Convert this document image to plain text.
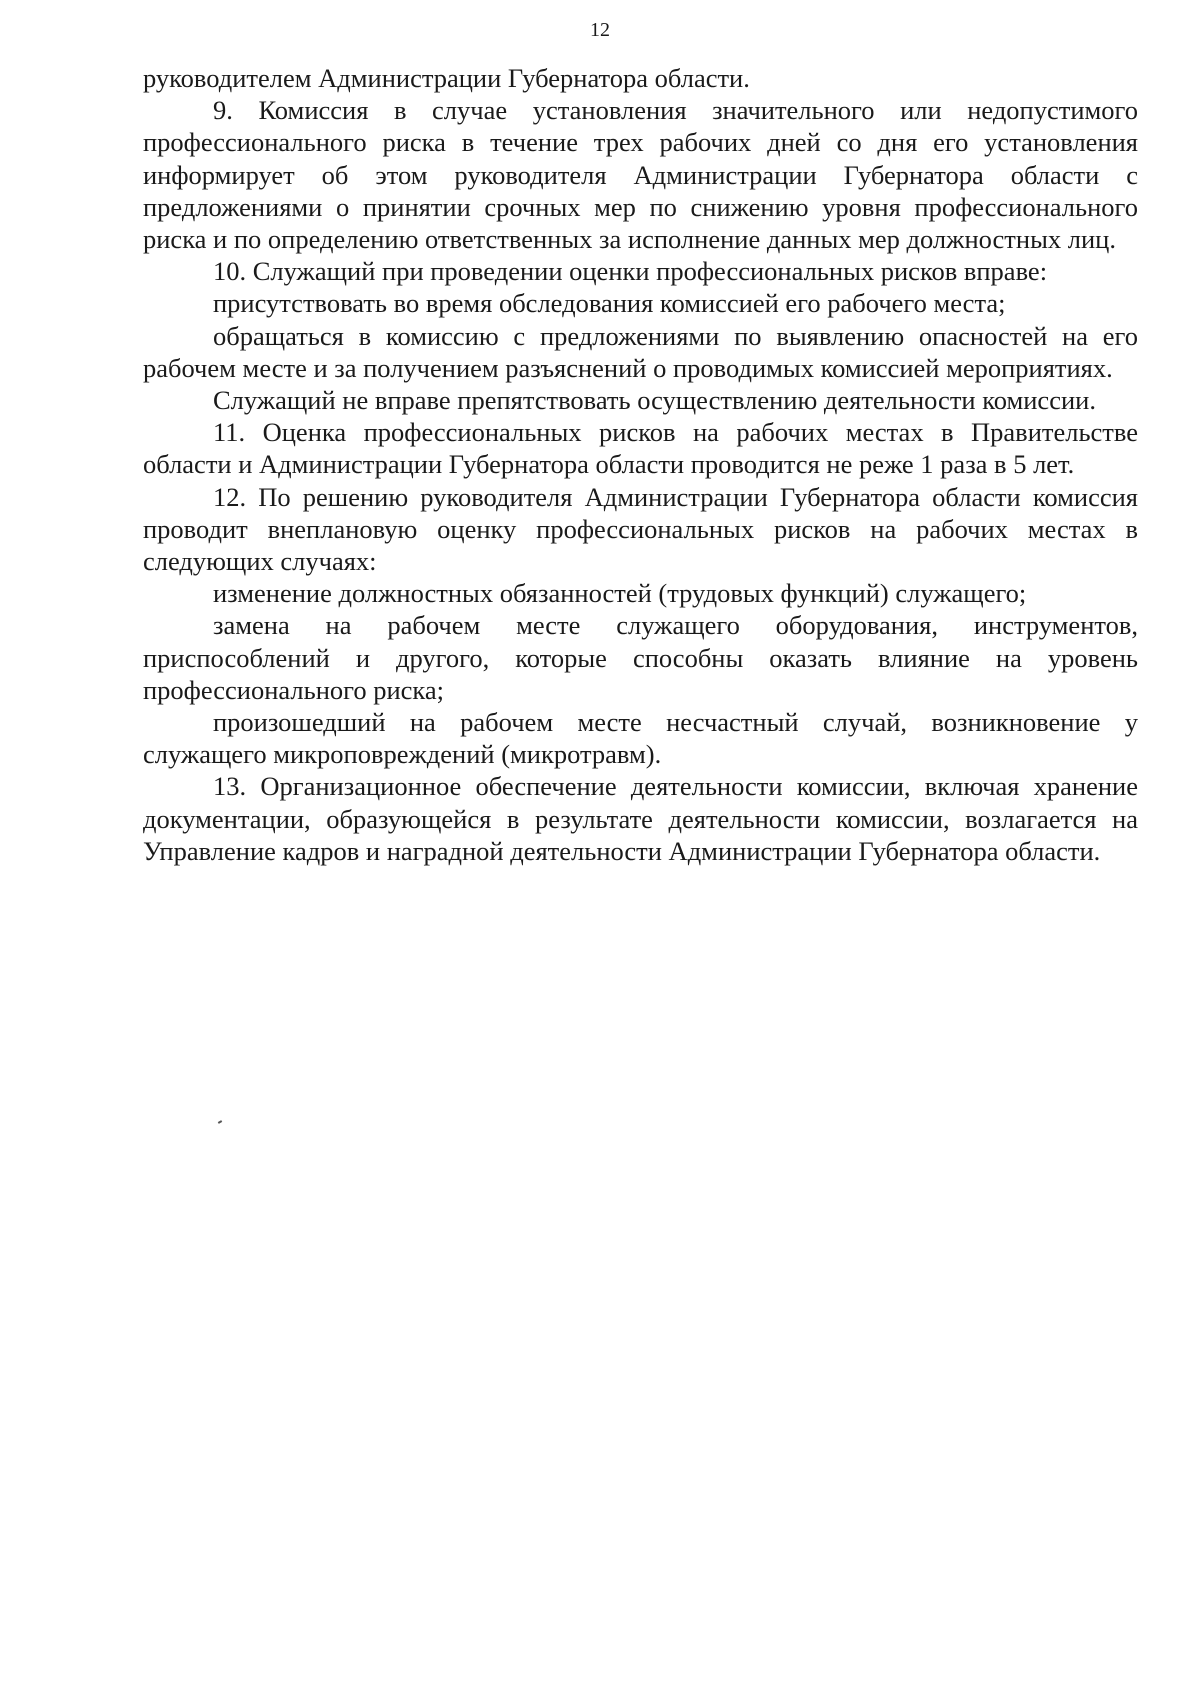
12

руководителем Администрации Губернатора области.

9. Комиссия в случае установления значительного или недопустимого профессионального риска в течение трех рабочих дней со дня его установления информирует об этом руководителя Администрации Губернатора области с предложениями о принятии срочных мер по снижению уровня профессионального риска и по определению ответственных за исполнение данных мер должностных лиц.

10. Служащий при проведении оценки профессиональных рисков вправе:

присутствовать во время обследования комиссией его рабочего места;

обращаться в комиссию с предложениями по выявлению опасностей на его рабочем месте и за получением разъяснений о проводимых комиссией мероприятиях.

Служащий не вправе препятствовать осуществлению деятельности комиссии.

11. Оценка профессиональных рисков на рабочих местах в Правительстве области и Администрации Губернатора области проводится не реже 1 раза в 5 лет.

12. По решению руководителя Администрации Губернатора области комиссия проводит внеплановую оценку профессиональных рисков на рабочих местах в следующих случаях:

изменение должностных обязанностей (трудовых функций) служащего;

замена на рабочем месте служащего оборудования, инструментов, приспособлений и другого, которые способны оказать влияние на уровень профессионального риска;

произошедший на рабочем месте несчастный случай, возникновение у служащего микроповреждений (микротравм).

13. Организационное обеспечение деятельности комиссии, включая хранение документации, образующейся в результате деятельности комиссии, возлагается на Управление кадров и наградной деятельности Администрации Губернатора области.
